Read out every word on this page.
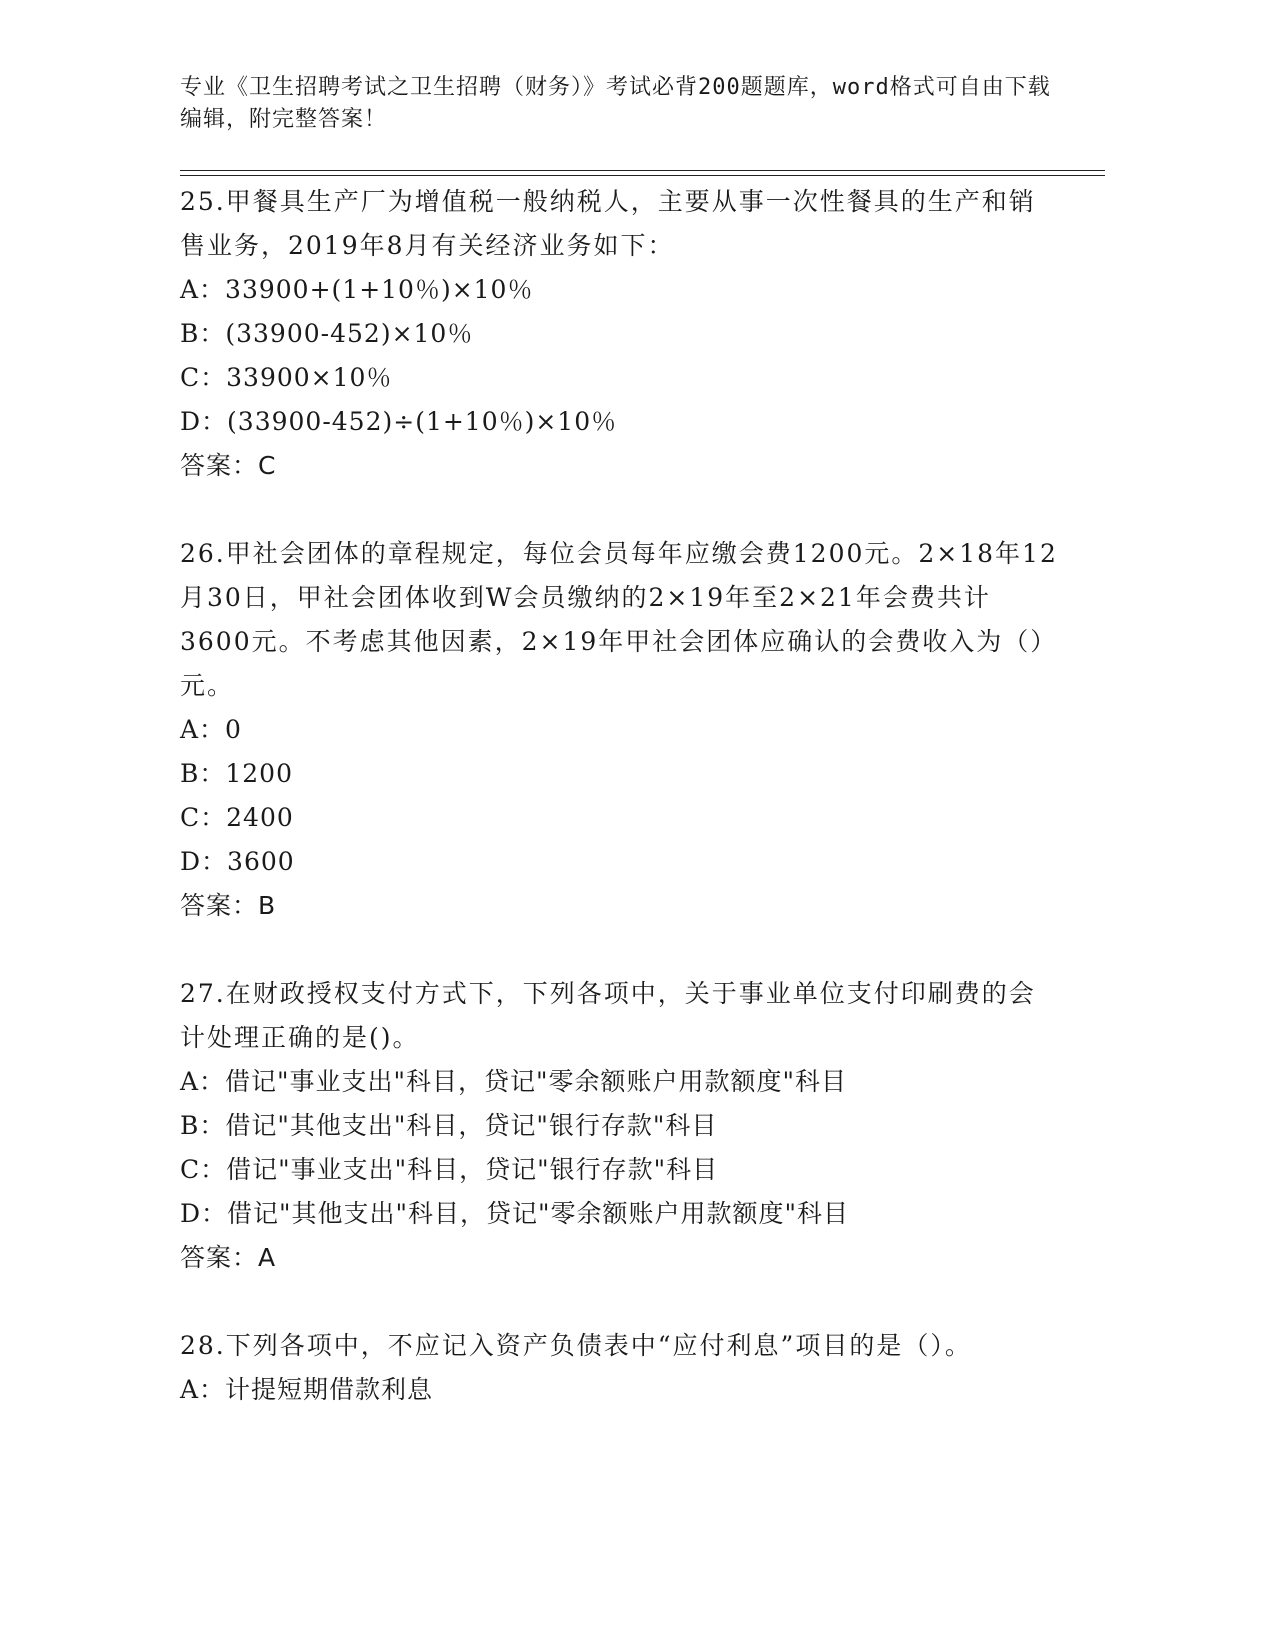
专业《卫生招聘考试之卫生招聘（财务）》考试必背200题题库，word格式可自由下载编辑，附完整答案！
25.甲餐具生产厂为增值税一般纳税人，主要从事一次性餐具的生产和销售业务，2019年8月有关经济业务如下：
A：33900+(1+10％)×10％
B：(33900-452)×10％
C：33900×10％
D：(33900-452)÷(1+10％)×10％
答案：C
26.甲社会团体的章程规定，每位会员每年应缴会费1200元。2×18年12月30日，甲社会团体收到W会员缴纳的2×19年至2×21年会费共计3600元。不考虑其他因素，2×19年甲社会团体应确认的会费收入为（）元。
A：0
B：1200
C：2400
D：3600
答案：B
27.在财政授权支付方式下，下列各项中，关于事业单位支付印刷费的会计处理正确的是()。
A：借记"事业支出"科目，贷记"零余额账户用款额度"科目
B：借记"其他支出"科目，贷记"银行存款"科目
C：借记"事业支出"科目，贷记"银行存款"科目
D：借记"其他支出"科目，贷记"零余额账户用款额度"科目
答案：A
28.下列各项中，不应记入资产负债表中“应付利息”项目的是（）。
A：计提短期借款利息
